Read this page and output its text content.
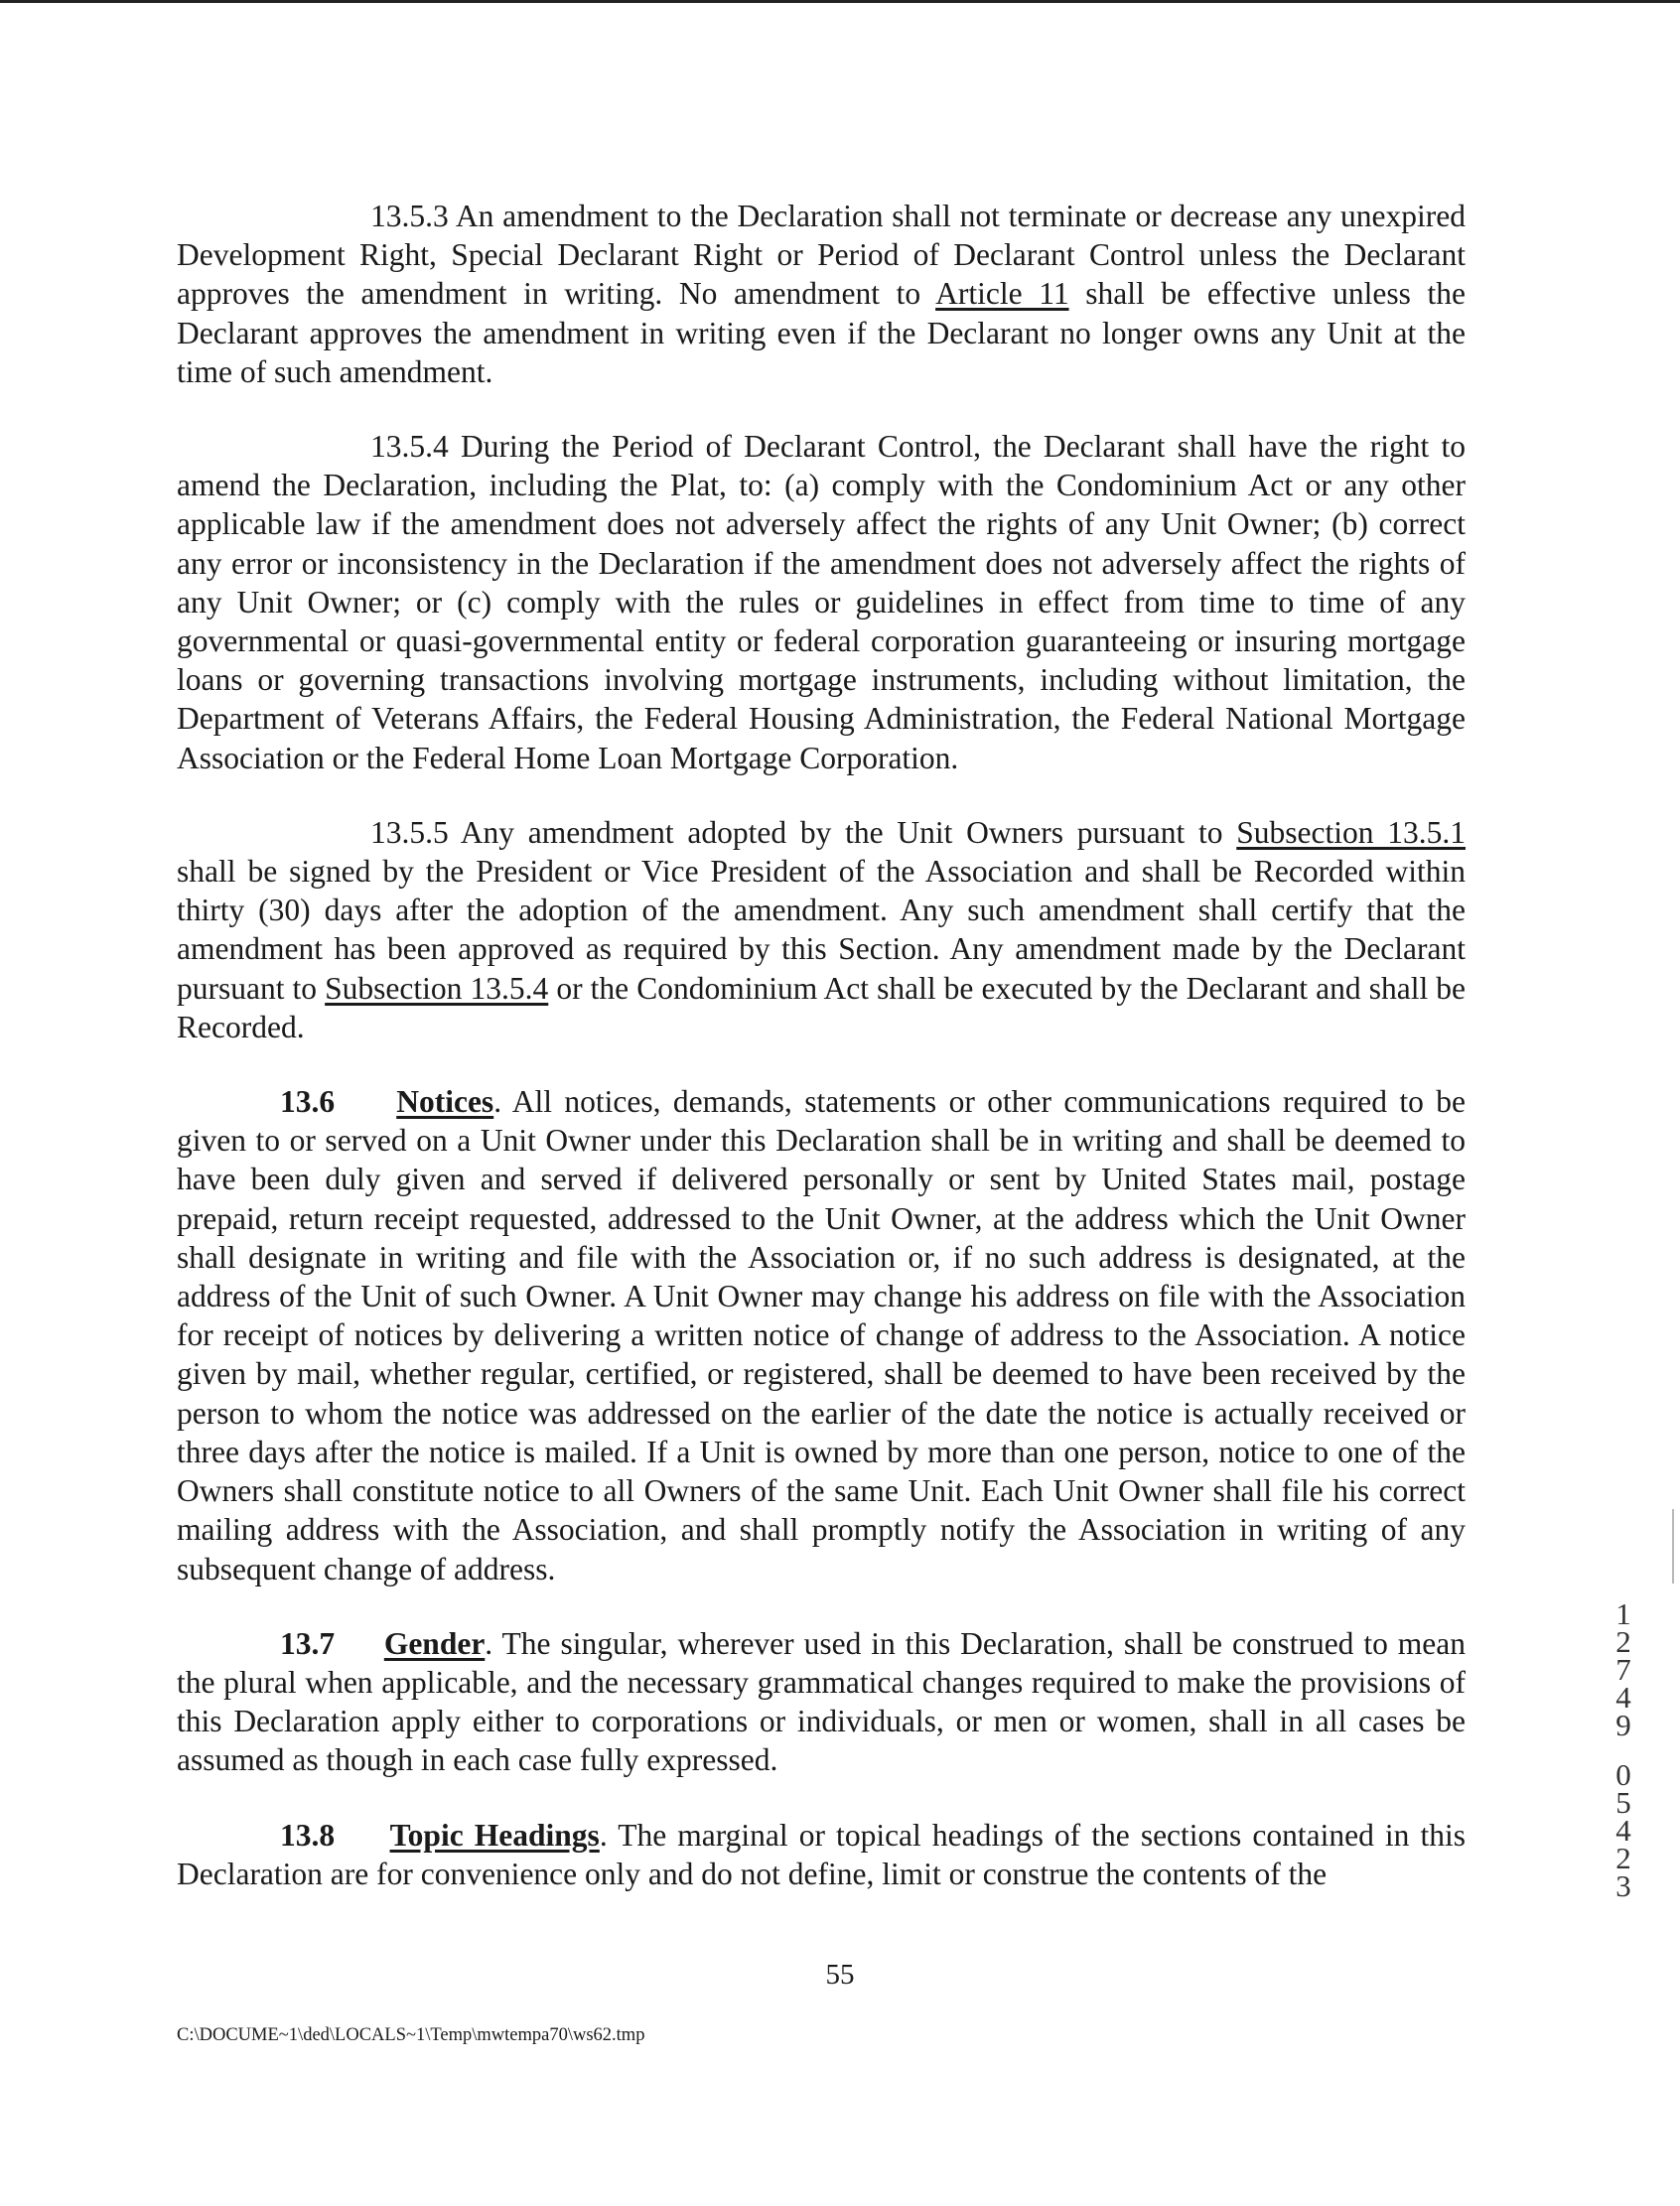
13.5.3 An amendment to the Declaration shall not terminate or decrease any unexpired Development Right, Special Declarant Right or Period of Declarant Control unless the Declarant approves the amendment in writing. No amendment to Article 11 shall be effective unless the Declarant approves the amendment in writing even if the Declarant no longer owns any Unit at the time of such amendment.

13.5.4 During the Period of Declarant Control, the Declarant shall have the right to amend the Declaration, including the Plat, to: (a) comply with the Condominium Act or any other applicable law if the amendment does not adversely affect the rights of any Unit Owner; (b) correct any error or inconsistency in the Declaration if the amendment does not adversely affect the rights of any Unit Owner; or (c) comply with the rules or guidelines in effect from time to time of any governmental or quasi-governmental entity or federal corporation guaranteeing or insuring mortgage loans or governing transactions involving mortgage instruments, including without limitation, the Department of Veterans Affairs, the Federal Housing Administration, the Federal National Mortgage Association or the Federal Home Loan Mortgage Corporation.

13.5.5 Any amendment adopted by the Unit Owners pursuant to Subsection 13.5.1 shall be signed by the President or Vice President of the Association and shall be Recorded within thirty (30) days after the adoption of the amendment. Any such amendment shall certify that the amendment has been approved as required by this Section. Any amendment made by the Declarant pursuant to Subsection 13.5.4 or the Condominium Act shall be executed by the Declarant and shall be Recorded.

13.6 Notices. All notices, demands, statements or other communications required to be given to or served on a Unit Owner under this Declaration shall be in writing and shall be deemed to have been duly given and served if delivered personally or sent by United States mail, postage prepaid, return receipt requested, addressed to the Unit Owner, at the address which the Unit Owner shall designate in writing and file with the Association or, if no such address is designated, at the address of the Unit of such Owner. A Unit Owner may change his address on file with the Association for receipt of notices by delivering a written notice of change of address to the Association. A notice given by mail, whether regular, certified, or registered, shall be deemed to have been received by the person to whom the notice was addressed on the earlier of the date the notice is actually received or three days after the notice is mailed. If a Unit is owned by more than one person, notice to one of the Owners shall constitute notice to all Owners of the same Unit. Each Unit Owner shall file his correct mailing address with the Association, and shall promptly notify the Association in writing of any subsequent change of address.

13.7 Gender. The singular, wherever used in this Declaration, shall be construed to mean the plural when applicable, and the necessary grammatical changes required to make the provisions of this Declaration apply either to corporations or individuals, or men or women, shall in all cases be assumed as though in each case fully expressed.

13.8 Topic Headings. The marginal or topical headings of the sections contained in this Declaration are for convenience only and do not define, limit or construe the contents of the

55
C:\DOCUME~1\ded\LOCALS~1\Temp\mwtempa70\ws62.tmp
1
2
7
4
9
0
5
4
2
3
